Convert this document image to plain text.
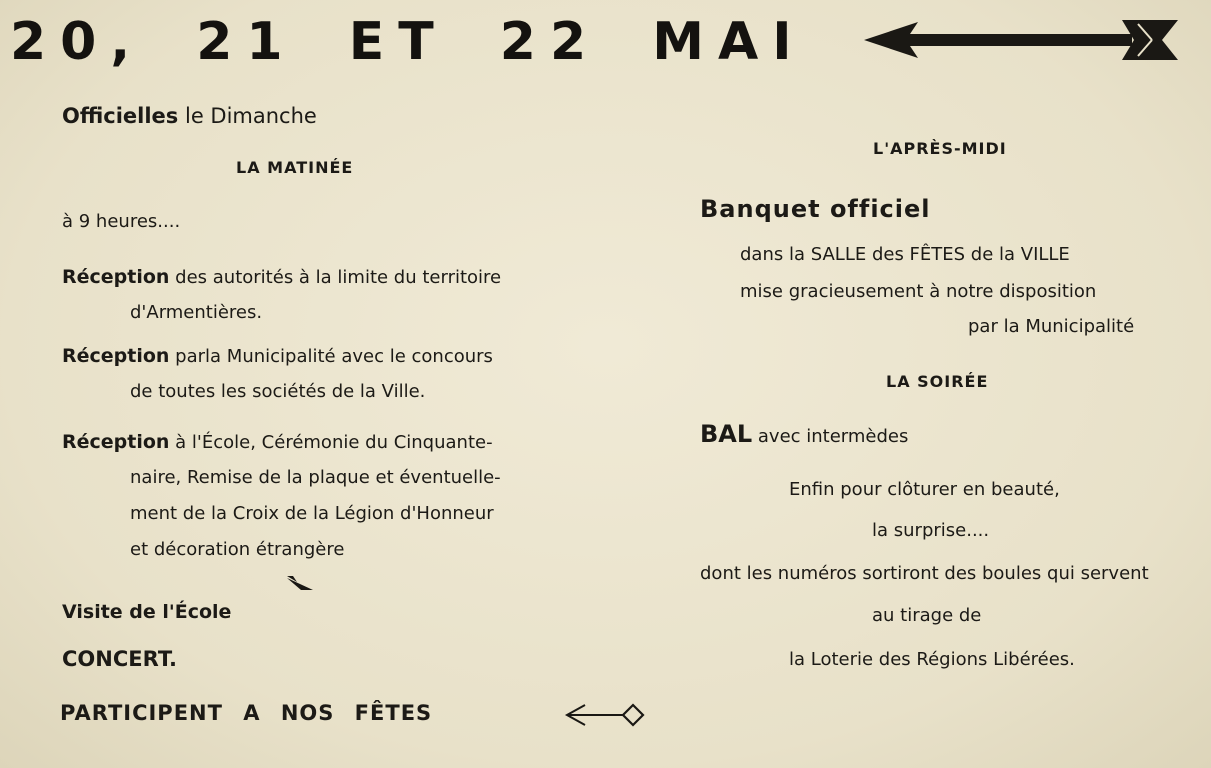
20, 21 ET 22 MAI
Officielles le Dimanche
LA MATINÉE
à 9 heures....
Réception des autorités à la limite du territoire
d'Armentières.
Réception parla Municipalité avec le concours
de toutes les sociétés de la Ville.
Réception à l'École, Cérémonie du Cinquante-
naire, Remise de la plaque et éventuelle-
ment de la Croix de la Légion d'Honneur
et décoration étrangère
Visite de l'École
CONCERT.
PARTICIPENT A NOS FÊTES
L'APRÈS-MIDI
Banquet officiel
dans la SALLE des FÊTES de la VILLE
mise gracieusement à notre disposition
par la Municipalité
LA SOIRÉE
BAL avec intermèdes
Enfin pour clôturer en beauté,
la surprise....
dont les numéros sortiront des boules qui servent
au tirage de
la Loterie des Régions Libérées.
